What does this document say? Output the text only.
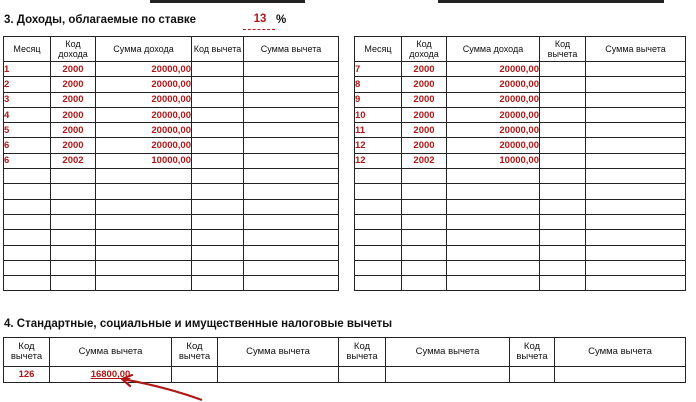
3. Доходы, облагаемые по ставке	13 %
Месяц	Код дохода	Сумма дохода	Код вычета	Сумма вычета
1	2000	20000,00		
2	2000	20000,00		
3	2000	20000,00		
4	2000	20000,00		
5	2000	20000,00		
6	2000	20000,00		
6	2002	10000,00		

Месяц	Код дохода	Сумма дохода	Код вычета	Сумма вычета
7	2000	20000,00		
8	2000	20000,00		
9	2000	20000,00		
10	2000	20000,00		
11	2000	20000,00		
12	2000	20000,00		
12	2002	10000,00		

4. Стандартные, социальные и имущественные налоговые вычеты
Код вычета	Сумма вычета	Код вычета	Сумма вычета	Код вычета	Сумма вычета	Код вычета	Сумма вычета
126	16800,00						
